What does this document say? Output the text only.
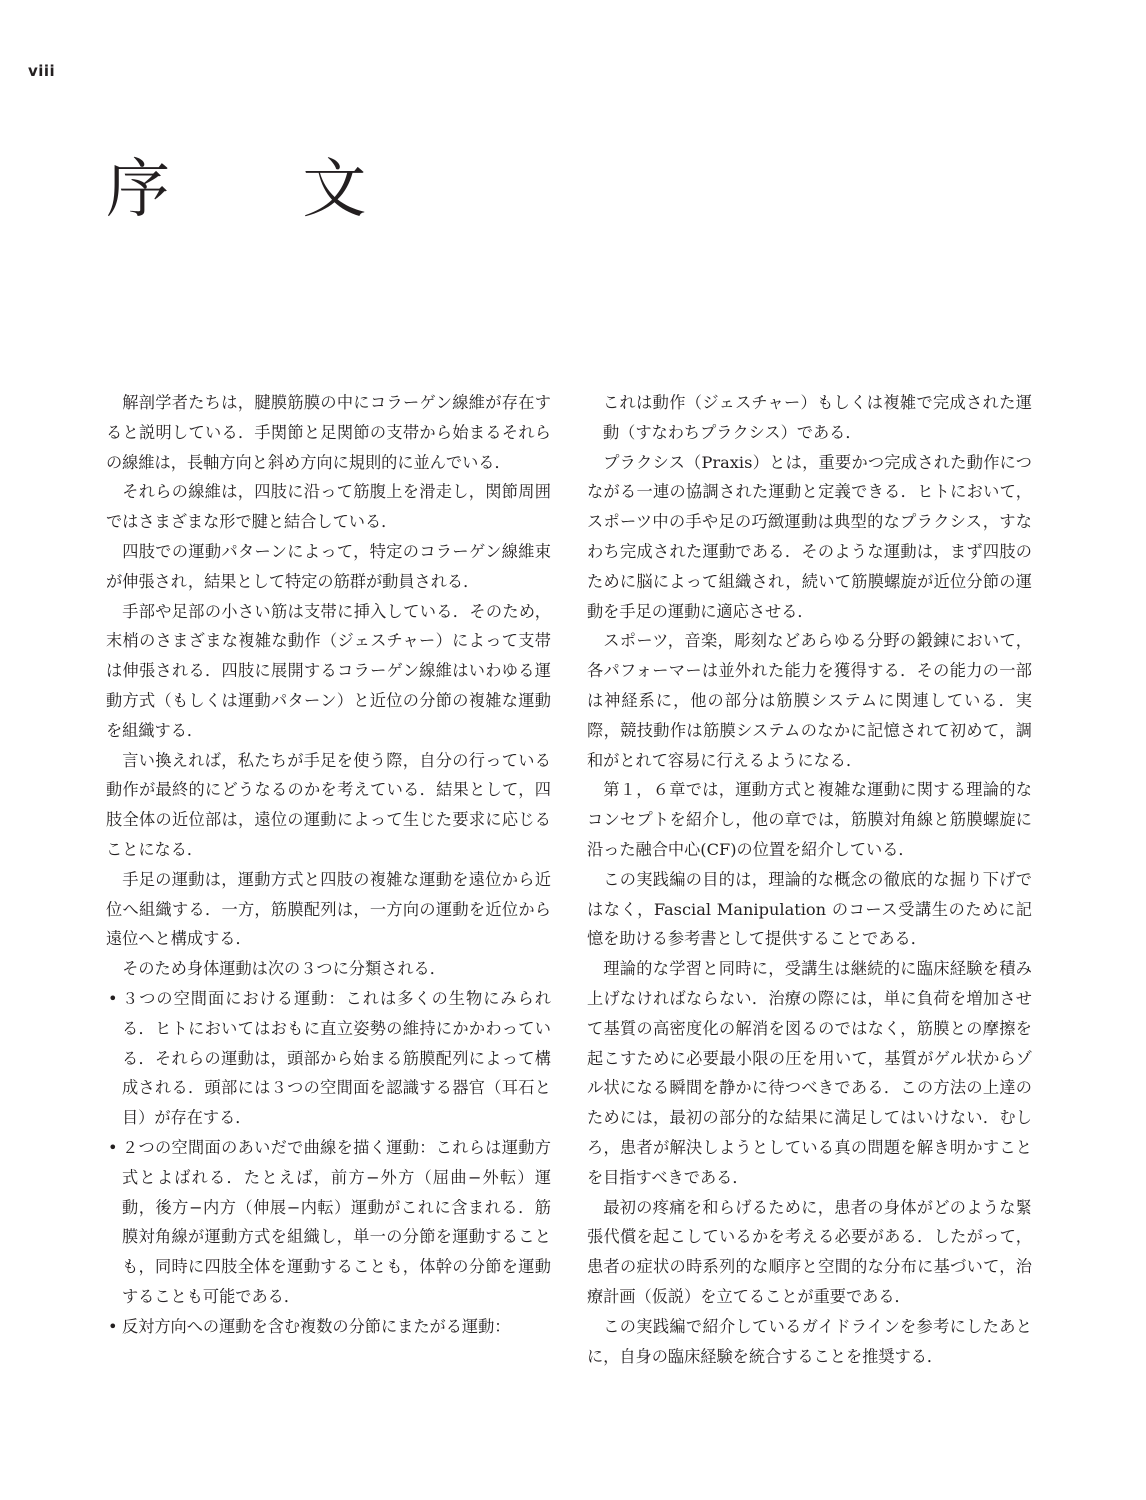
viii
序 文

解剖学者たちは，腱膜筋膜の中にコラーゲン線維が存在すると説明している．手関節と足関節の支帯から始まるそれらの線維は，長軸方向と斜め方向に規則的に並んでいる．

それらの線維は，四肢に沿って筋腹上を滑走し，関節周囲ではさまざまな形で腱と結合している．

四肢での運動パターンによって，特定のコラーゲン線維束が伸張され，結果として特定の筋群が動員される．

手部や足部の小さい筋は支帯に挿入している．そのため，末梢のさまざまな複雑な動作（ジェスチャー）によって支帯は伸張される．四肢に展開するコラーゲン線維はいわゆる運動方式（もしくは運動パターン）と近位の分節の複雑な運動を組織する．

言い換えれば，私たちが手足を使う際，自分の行っている動作が最終的にどうなるのかを考えている．結果として，四肢全体の近位部は，遠位の運動によって生じた要求に応じることになる．

手足の運動は，運動方式と四肢の複雑な運動を遠位から近位へ組織する．一方，筋膜配列は，一方向の運動を近位から遠位へと構成する．

そのため身体運動は次の３つに分類される．

• ３つの空間面における運動：これは多くの生物にみられる．ヒトにおいてはおもに直立姿勢の維持にかかわっている．それらの運動は，頭部から始まる筋膜配列によって構成される．頭部には３つの空間面を認識する器官（耳石と目）が存在する．
• ２つの空間面のあいだで曲線を描く運動：これらは運動方式とよばれる．たとえば，前方−外方（屈曲−外転）運動，後方−内方（伸展−内転）運動がこれに含まれる．筋膜対角線が運動方式を組織し，単一の分節を運動することも，同時に四肢全体を運動することも，体幹の分節を運動することも可能である．
• 反対方向への運動を含む複数の分節にまたがる運動：

これは動作（ジェスチャー）もしくは複雑で完成された運動（すなわちプラクシス）である．

プラクシス（Praxis）とは，重要かつ完成された動作につながる一連の協調された運動と定義できる．ヒトにおいて，スポーツ中の手や足の巧緻運動は典型的なプラクシス，すなわち完成された運動である．そのような運動は，まず四肢のために脳によって組織され，続いて筋膜螺旋が近位分節の運動を手足の運動に適応させる．

スポーツ，音楽，彫刻などあらゆる分野の鍛錬において，各パフォーマーは並外れた能力を獲得する．その能力の一部は神経系に，他の部分は筋膜システムに関連している．実際，競技動作は筋膜システムのなかに記憶されて初めて，調和がとれて容易に行えるようになる．

第１，６章では，運動方式と複雑な運動に関する理論的なコンセプトを紹介し，他の章では，筋膜対角線と筋膜螺旋に沿った融合中心(CF)の位置を紹介している．

この実践編の目的は，理論的な概念の徹底的な掘り下げではなく，Fascial Manipulation のコース受講生のために記憶を助ける参考書として提供することである．

理論的な学習と同時に，受講生は継続的に臨床経験を積み上げなければならない．治療の際には，単に負荷を増加させて基質の高密度化の解消を図るのではなく，筋膜との摩擦を起こすために必要最小限の圧を用いて，基質がゲル状からゾル状になる瞬間を静かに待つべきである．この方法の上達のためには，最初の部分的な結果に満足してはいけない．むしろ，患者が解決しようとしている真の問題を解き明かすことを目指すべきである．

最初の疼痛を和らげるために，患者の身体がどのような緊張代償を起こしているかを考える必要がある．したがって，患者の症状の時系列的な順序と空間的な分布に基づいて，治療計画（仮説）を立てることが重要である．

この実践編で紹介しているガイドラインを参考にしたあとに，自身の臨床経験を統合することを推奨する．
